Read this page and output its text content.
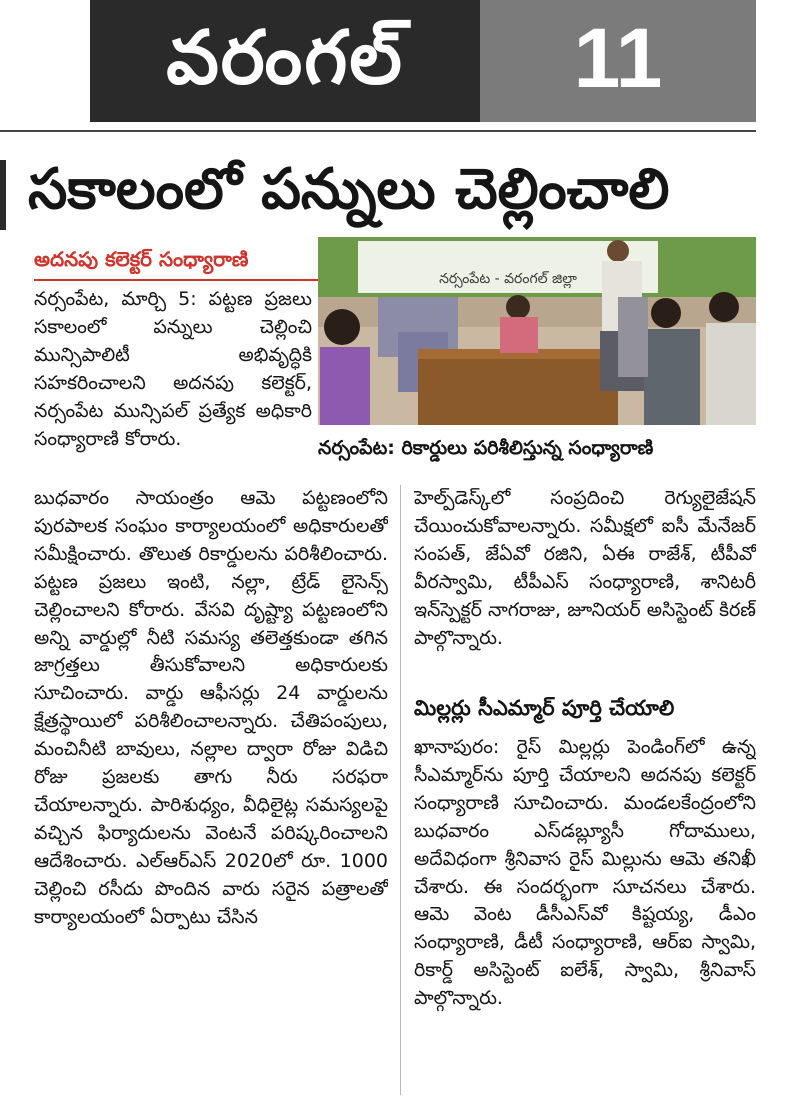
వరంగల్	11
సకాలంలో పన్నులు చెల్లించాలి
అదనపు కలెక్టర్ సంధ్యారాణి
నర్సంపేట - వరంగల్ జిల్లా
నర్సంపేట: రికార్డులు పరిశీలిస్తున్న సంధ్యారాణి

నర్సంపేట, మార్చి 5: పట్టణ ప్రజలు సకాలంలో పన్నులు చెల్లించి మున్సిపాలిటీ అభివృద్ధికి సహకరించాలని అదనపు కలెక్టర్, నర్సంపేట మున్సిపల్ ప్రత్యేక అధికారి సంధ్యారాణి కోరారు.

బుధవారం సాయంత్రం ఆమె పట్టణంలోని పురపాలక సంఘం కార్యాలయంలో అధికారులతో సమీక్షించారు. తొలుత రికార్డులను పరిశీలించారు. పట్టణ ప్రజలు ఇంటి, నల్లా, ట్రేడ్ లైసెన్స్ చెల్లించాలని కోరారు. వేసవి దృష్ట్యా పట్టణంలోని అన్ని వార్డుల్లో నీటి సమస్య తలెత్తకుండా తగిన జాగ్రత్తలు తీసుకోవాలని అధికారులకు సూచించారు. వార్డు ఆఫీసర్లు 24 వార్డులను క్షేత్రస్థాయిలో పరిశీలించాలన్నారు. చేతిపంపులు, మంచినీటి బావులు, నల్లాల ద్వారా రోజు విడిచి రోజు ప్రజలకు తాగు నీరు సరఫరా చేయాలన్నారు. పారిశుధ్యం, వీధిలైట్ల సమస్యలపై వచ్చిన ఫిర్యాదులను వెంటనే పరిష్కరించాలని ఆదేశించారు. ఎల్ఆర్ఎస్ 2020లో రూ. 1000 చెల్లించి రసీదు పొందిన వారు సరైన పత్రాలతో కార్యాలయంలో ఏర్పాటు చేసిన

హెల్ప్‌డెస్క్‌లో సంప్రదించి రెగ్యులైజేషన్ చేయించుకోవాలన్నారు. సమీక్షలో ఐసీ మేనేజర్ సంపత్, జేఏవో రజిని, ఏఈ రాజేశ్, టీపీవో వీరస్వామి, టీపీఎస్ సంధ్యారాణి, శానిటరీ ఇన్‌స్పెక్టర్ నాగరాజు, జూనియర్ అసిస్టెంట్ కిరణ్ పాల్గొన్నారు.

మిల్లర్లు సీఎమ్మార్ పూర్తి చేయాలి

ఖానాపురం: రైస్ మిల్లర్లు పెండింగ్‌లో ఉన్న సీఎమ్మార్‌ను పూర్తి చేయాలని అదనపు కలెక్టర్ సంధ్యారాణి సూచించారు. మండలకేంద్రంలోని బుధవారం ఎస్‌డబ్ల్యూసీ గోదాములు, అదేవిధంగా శ్రీనివాస రైస్ మిల్లును ఆమె తనిఖీ చేశారు. ఈ సందర్భంగా సూచనలు చేశారు. ఆమె వెంట డీసీఎస్‌వో కిష్టయ్య, డీఎం సంధ్యారాణి, డీటీ సంధ్యారాణి, ఆర్ఐ స్వామి, రికార్డ్ అసిస్టెంట్ ఐలేశ్, స్వామి, శ్రీనివాస్ పాల్గొన్నారు.
